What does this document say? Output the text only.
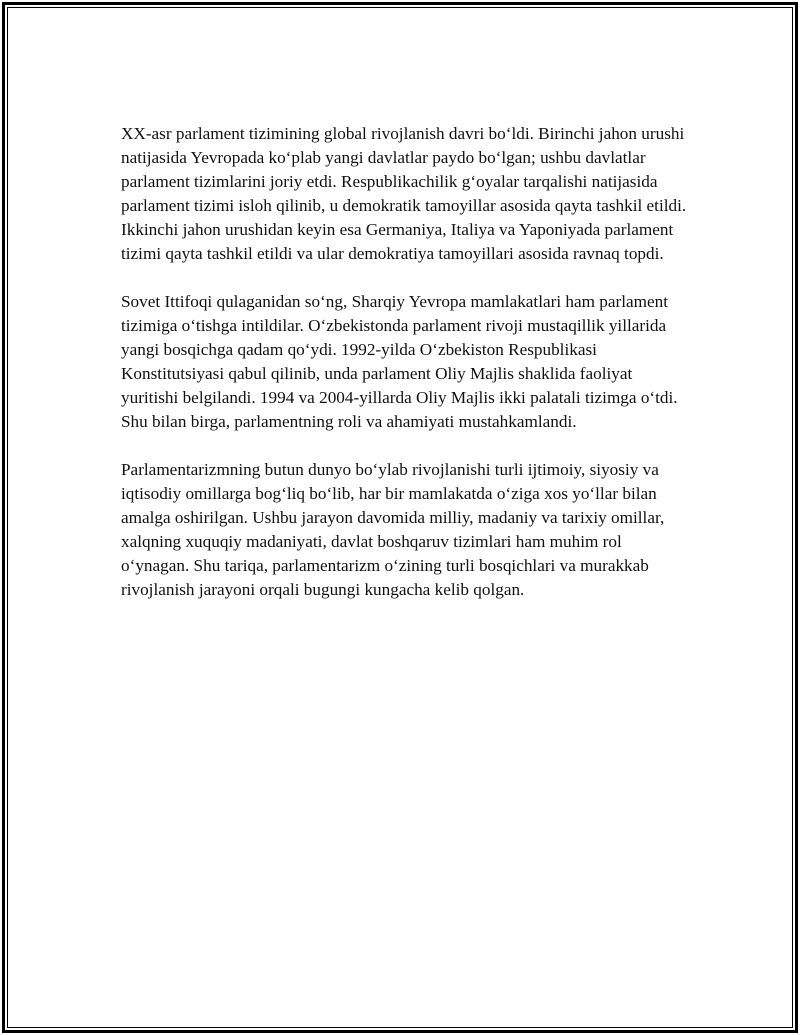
XX-asr parlament tizimining global rivojlanish davri bo‘ldi. Birinchi jahon urushi natijasida Yevropada ko‘plab yangi davlatlar paydo bo‘lgan; ushbu davlatlar parlament tizimlarini joriy etdi. Respublikachilik g‘oyalar tarqalishi natijasida parlament tizimi isloh qilinib, u demokratik tamoyillar asosida qayta tashkil etildi. Ikkinchi jahon urushidan keyin esa Germaniya, Italiya va Yaponiyada parlament tizimi qayta tashkil etildi va ular demokratiya tamoyillari asosida ravnaq topdi.

Sovet Ittifoqi qulaganidan so‘ng, Sharqiy Yevropa mamlakatlari ham parlament tizimiga o‘tishga intildilar. O‘zbekistonda parlament rivoji mustaqillik yillarida yangi bosqichga qadam qo‘ydi. 1992-yilda O‘zbekiston Respublikasi Konstitutsiyasi qabul qilinib, unda parlament Oliy Majlis shaklida faoliyat yuritishi belgilandi. 1994 va 2004-yillarda Oliy Majlis ikki palatali tizimga o‘tdi. Shu bilan birga, parlamentning roli va ahamiyati mustahkamlandi.

Parlamentarizmning butun dunyo bo‘ylab rivojlanishi turli ijtimoiy, siyosiy va iqtisodiy omillarga bog‘liq bo‘lib, har bir mamlakatda o‘ziga xos yo‘llar bilan amalga oshirilgan. Ushbu jarayon davomida milliy, madaniy va tarixiy omillar, xalqning xuquqiy madaniyati, davlat boshqaruv tizimlari ham muhim rol o‘ynagan. Shu tariqa, parlamentarizm o‘zining turli bosqichlari va murakkab rivojlanish jarayoni orqali bugungi kungacha kelib qolgan.
